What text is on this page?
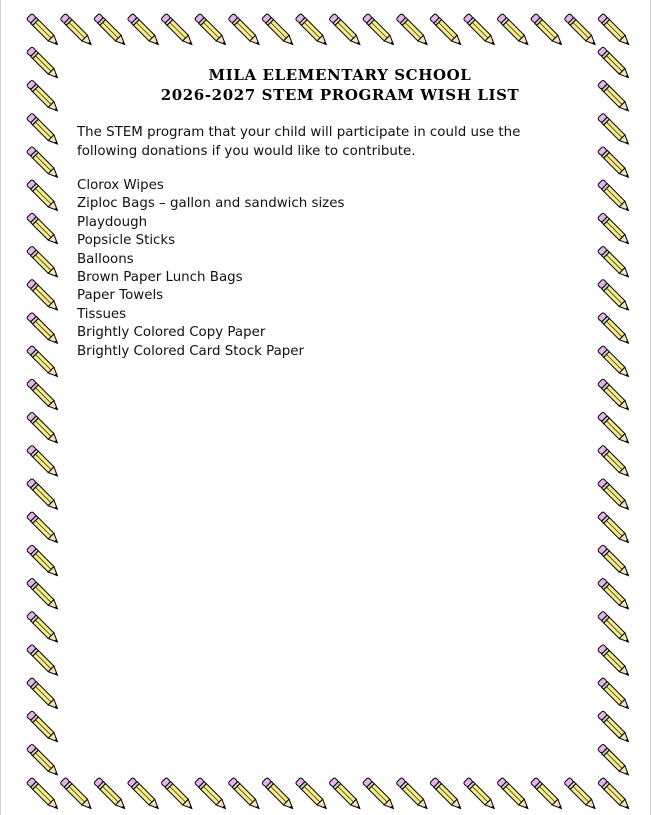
MILA ELEMENTARY SCHOOL
2026-2027 STEM PROGRAM WISH LIST

The STEM program that your child will participate in could use the following donations if you would like to contribute.

Clorox Wipes
Ziploc Bags – gallon and sandwich sizes
Playdough
Popsicle Sticks
Balloons
Brown Paper Lunch Bags
Paper Towels
Tissues
Brightly Colored Copy Paper
Brightly Colored Card Stock Paper
